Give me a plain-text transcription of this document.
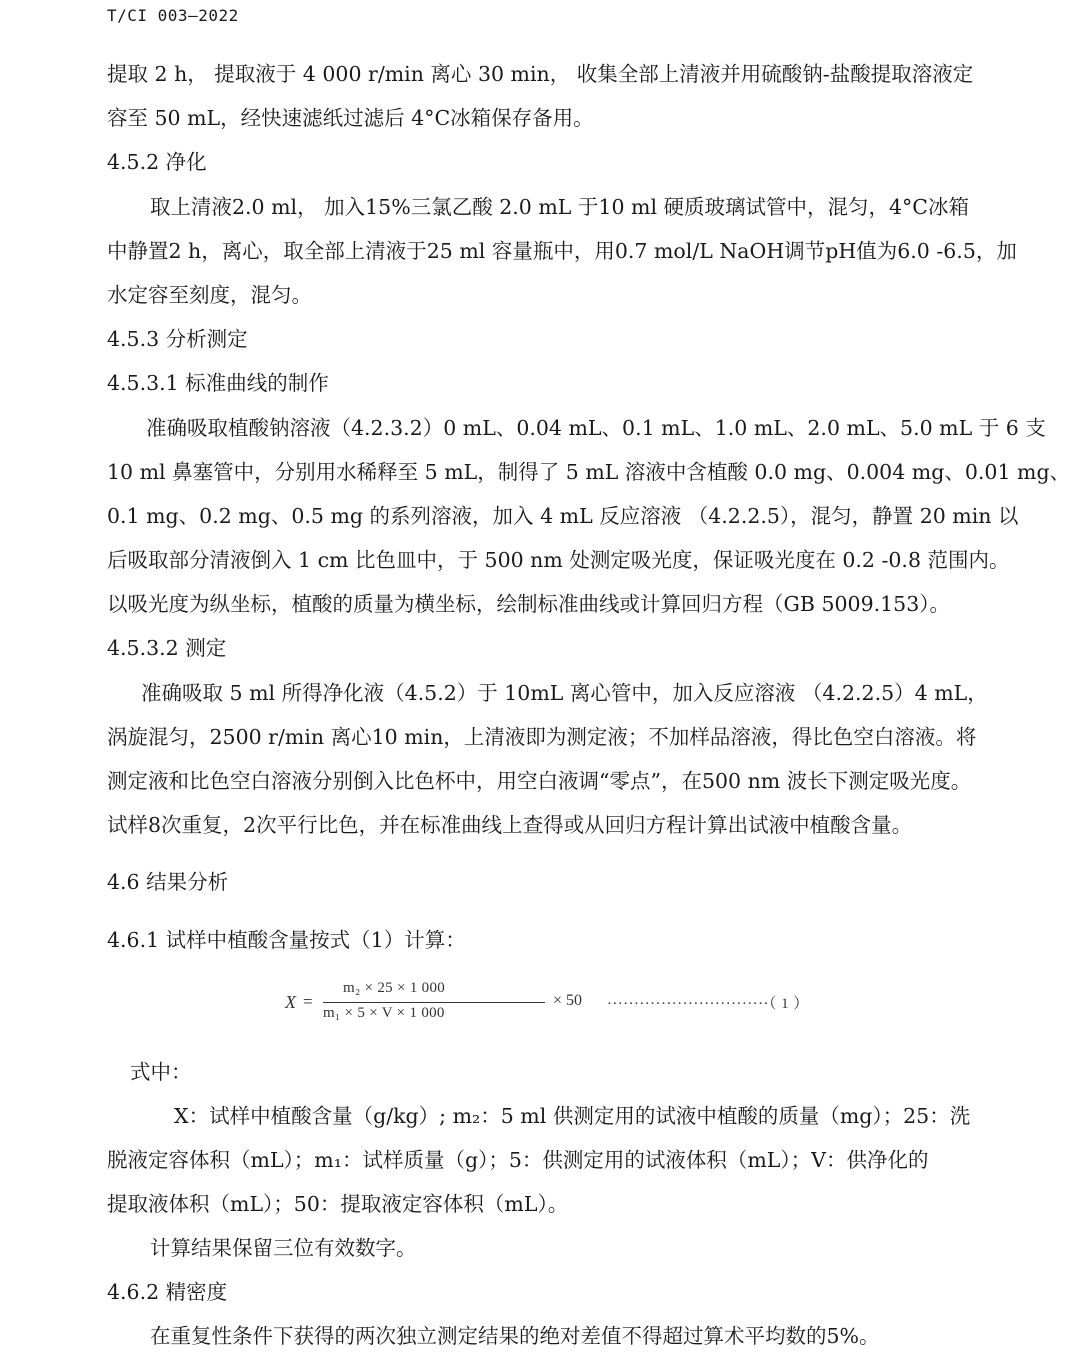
T/CI 003—2022
提取 2 h， 提取液于 4 000 r/min 离心 30 min， 收集全部上清液并用硫酸钠-盐酸提取溶液定
容至 50 mL，经快速滤纸过滤后 4°C冰箱保存备用。
4.5.2 净化
取上清液2.0 ml， 加入15%三氯乙酸 2.0 mL 于10 ml 硬质玻璃试管中，混匀，4°C冰箱
中静置2 h，离心，取全部上清液于25 ml 容量瓶中，用0.7 mol/L NaOH调节pH值为6.0 -6.5，加
水定容至刻度，混匀。
4.5.3 分析测定
4.5.3.1 标准曲线的制作
准确吸取植酸钠溶液（4.2.3.2）0 mL、0.04 mL、0.1 mL、1.0 mL、2.0 mL、5.0 mL 于 6 支
10 ml 鼻塞管中，分别用水稀释至 5 mL，制得了 5 mL 溶液中含植酸 0.0 mg、0.004 mg、0.01 mg、
0.1 mg、0.2 mg、0.5 mg 的系列溶液，加入 4 mL 反应溶液 （4.2.2.5），混匀，静置 20 min 以
后吸取部分清液倒入 1 cm 比色皿中，于 500 nm 处测定吸光度，保证吸光度在 0.2 -0.8 范围内。
以吸光度为纵坐标，植酸的质量为横坐标，绘制标准曲线或计算回归方程（GB 5009.153）。
4.5.3.2 测定
准确吸取 5 ml 所得净化液（4.5.2）于 10mL 离心管中，加入反应溶液 （4.2.2.5）4 mL，
涡旋混匀，2500 r/min 离心10 min，上清液即为测定液；不加样品溶液，得比色空白溶液。将
测定液和比色空白溶液分别倒入比色杯中，用空白液调“零点”，在500 nm 波长下测定吸光度。
试样8次重复，2次平行比色，并在标准曲线上查得或从回归方程计算出试液中植酸含量。
4.6 结果分析
4.6.1 试样中植酸含量按式（1）计算：
X =
m₂ × 25 × 1 000
m₁ × 5 × V × 1 000
× 50 ······························（ 1 ）
式中：
X：试样中植酸含量（g/kg）; m₂：5 ml 供测定用的试液中植酸的质量（mg）；25：洗
脱液定容体积（mL）；m₁：试样质量（g）；5：供测定用的试液体积（mL）；V：供净化的
提取液体积（mL）；50：提取液定容体积（mL）。
计算结果保留三位有效数字。
4.6.2 精密度
在重复性条件下获得的两次独立测定结果的绝对差值不得超过算术平均数的5%。
